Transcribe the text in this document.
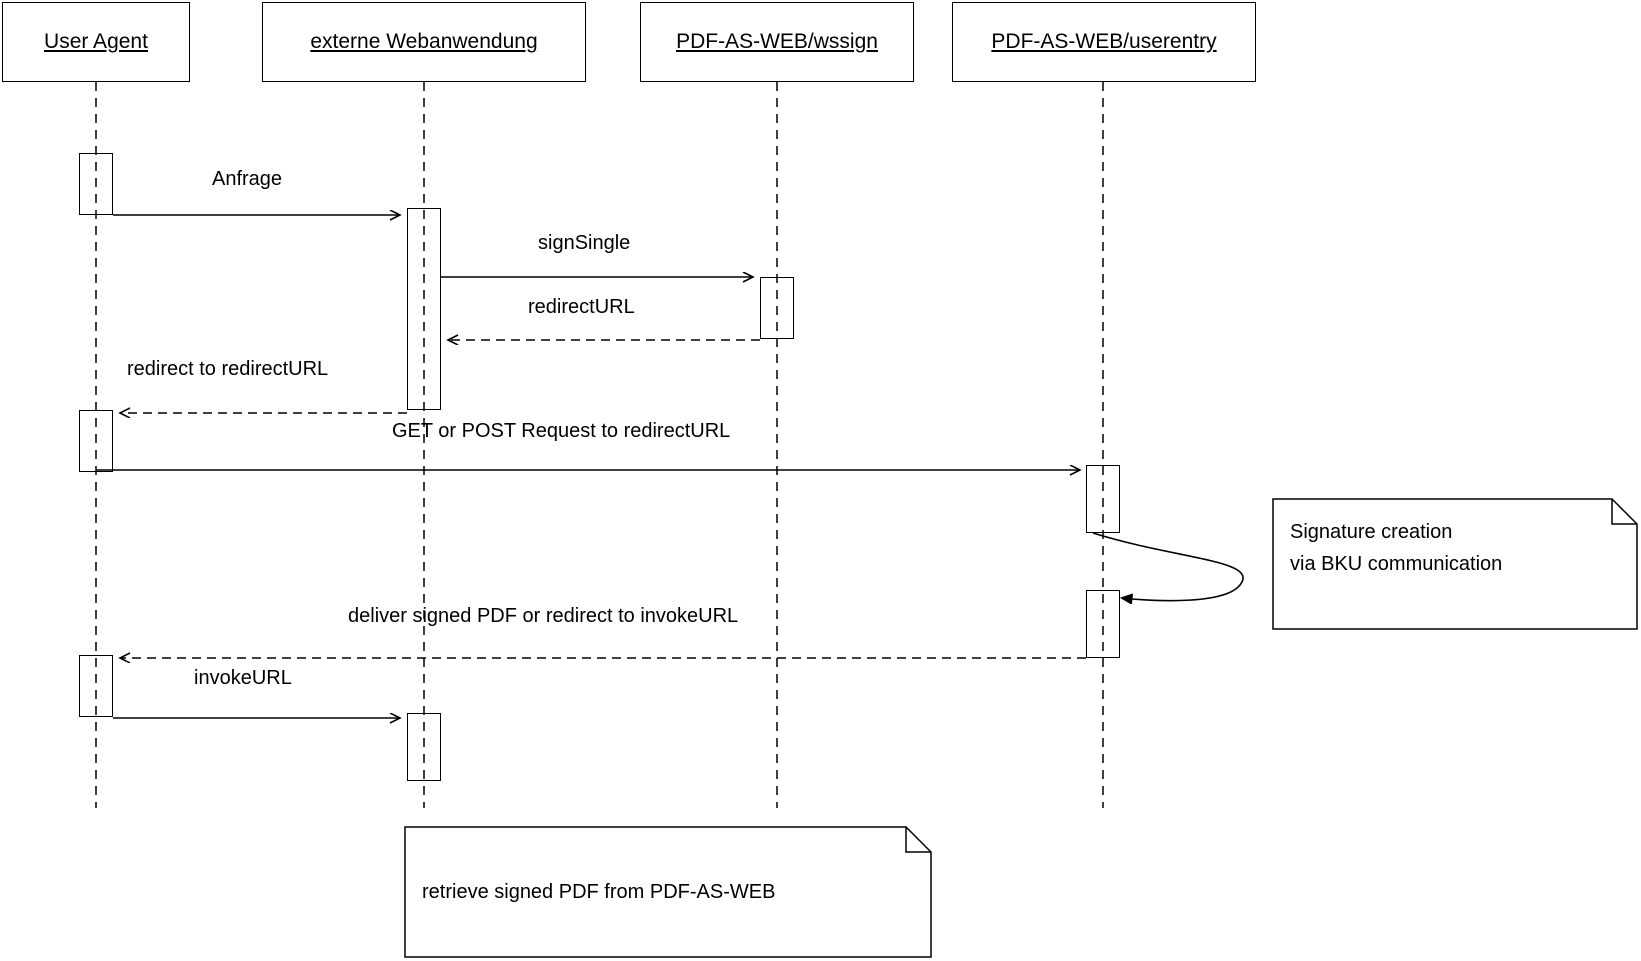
User Agent	externe Webanwendung	PDF-AS-WEB/wssign	PDF-AS-WEB/userentry
Signature creation
via BKU communication
retrieve signed PDF from PDF-AS-WEB
Anfrage
signSingle
redirectURL
redirect to redirectURL
GET or POST Request to redirectURL
deliver signed PDF or redirect to invokeURL
invokeURL
